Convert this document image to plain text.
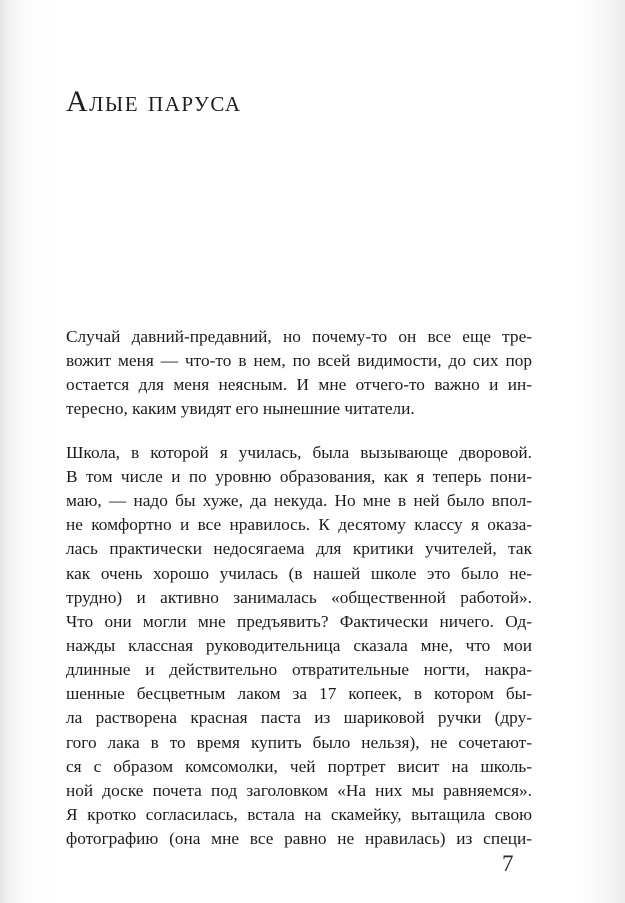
Алые паруса

Случай давний-предавний, но почему-то он все еще тре-
вожит меня — что-то в нем, по всей видимости, до сих пор
остается для меня неясным. И мне отчего-то важно и ин-
тересно, каким увидят его нынешние читатели.

Школа, в которой я училась, была вызывающе дворовой.
В том числе и по уровню образования, как я теперь пони-
маю, — надо бы хуже, да некуда. Но мне в ней было впол-
не комфортно и все нравилось. К десятому классу я оказа-
лась практически недосягаема для критики учителей, так
как очень хорошо училась (в нашей школе это было не-
трудно) и активно занималась «общественной работой».
Что они могли мне предъявить? Фактически ничего. Од-
нажды классная руководительница сказала мне, что мои
длинные и действительно отвратительные ногти, накра-
шенные бесцветным лаком за 17 копеек, в котором бы-
ла растворена красная паста из шариковой ручки (дру-
гого лака в то время купить было нельзя), не сочетают-
ся с образом комсомолки, чей портрет висит на школь-
ной доске почета под заголовком «На них мы равняемся».
Я кротко согласилась, встала на скамейку, вытащила свою
фотографию (она мне все равно не нравилась) из специ-

7
